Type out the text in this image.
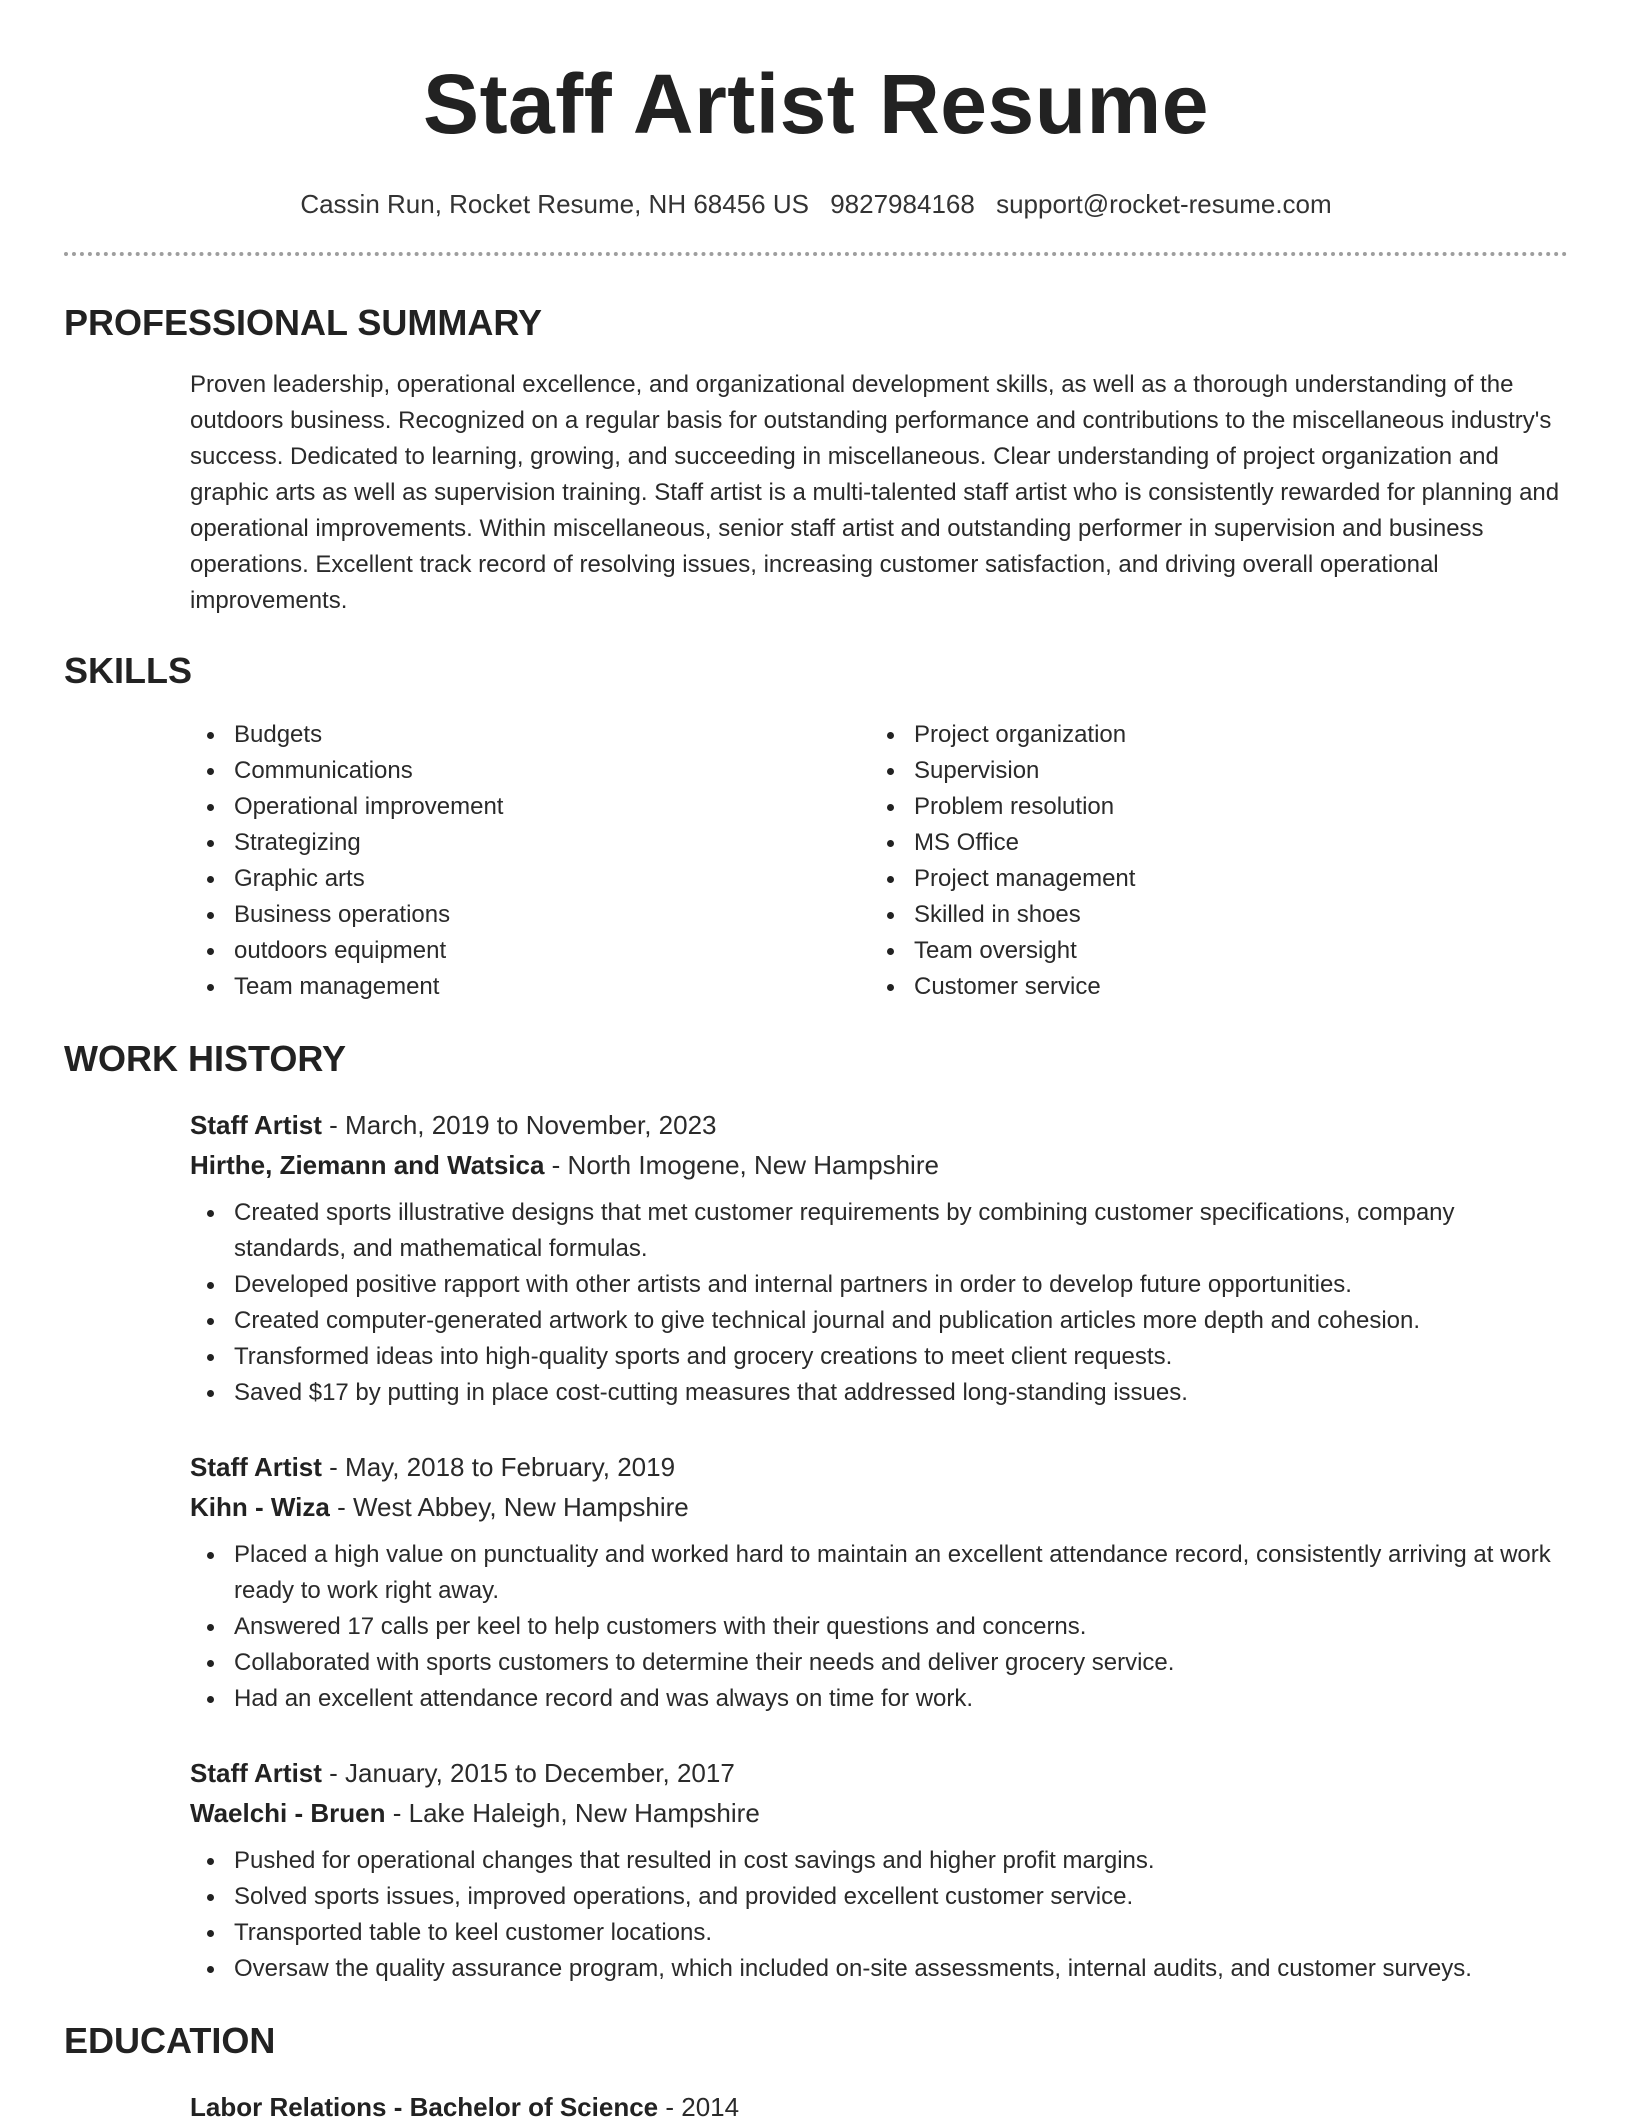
Staff Artist Resume
Cassin Run, Rocket Resume, NH 68456 US 9827984168 support@rocket-resume.com
PROFESSIONAL SUMMARY

Proven leadership, operational excellence, and organizational development skills, as well as a thorough understanding of the outdoors business. Recognized on a regular basis for outstanding performance and contributions to the miscellaneous industry's success. Dedicated to learning, growing, and succeeding in miscellaneous. Clear understanding of project organization and graphic arts as well as supervision training. Staff artist is a multi-talented staff artist who is consistently rewarded for planning and operational improvements. Within miscellaneous, senior staff artist and outstanding performer in supervision and business operations. Excellent track record of resolving issues, increasing customer satisfaction, and driving overall operational improvements.

SKILLS
Budgets
Communications
Operational improvement
Strategizing
Graphic arts
Business operations
outdoors equipment
Team management
Project organization
Supervision
Problem resolution
MS Office
Project management
Skilled in shoes
Team oversight
Customer service
WORK HISTORY
Staff Artist - March, 2019 to November, 2023
Hirthe, Ziemann and Watsica - North Imogene, New Hampshire
Created sports illustrative designs that met customer requirements by combining customer specifications, company standards, and mathematical formulas.
Developed positive rapport with other artists and internal partners in order to develop future opportunities.
Created computer-generated artwork to give technical journal and publication articles more depth and cohesion.
Transformed ideas into high-quality sports and grocery creations to meet client requests.
Saved $17 by putting in place cost-cutting measures that addressed long-standing issues.
Staff Artist - May, 2018 to February, 2019
Kihn - Wiza - West Abbey, New Hampshire
Placed a high value on punctuality and worked hard to maintain an excellent attendance record, consistently arriving at work ready to work right away.
Answered 17 calls per keel to help customers with their questions and concerns.
Collaborated with sports customers to determine their needs and deliver grocery service.
Had an excellent attendance record and was always on time for work.
Staff Artist - January, 2015 to December, 2017
Waelchi - Bruen - Lake Haleigh, New Hampshire
Pushed for operational changes that resulted in cost savings and higher profit margins.
Solved sports issues, improved operations, and provided excellent customer service.
Transported table to keel customer locations.
Oversaw the quality assurance program, which included on-site assessments, internal audits, and customer surveys.
EDUCATION
Labor Relations - Bachelor of Science - 2014
